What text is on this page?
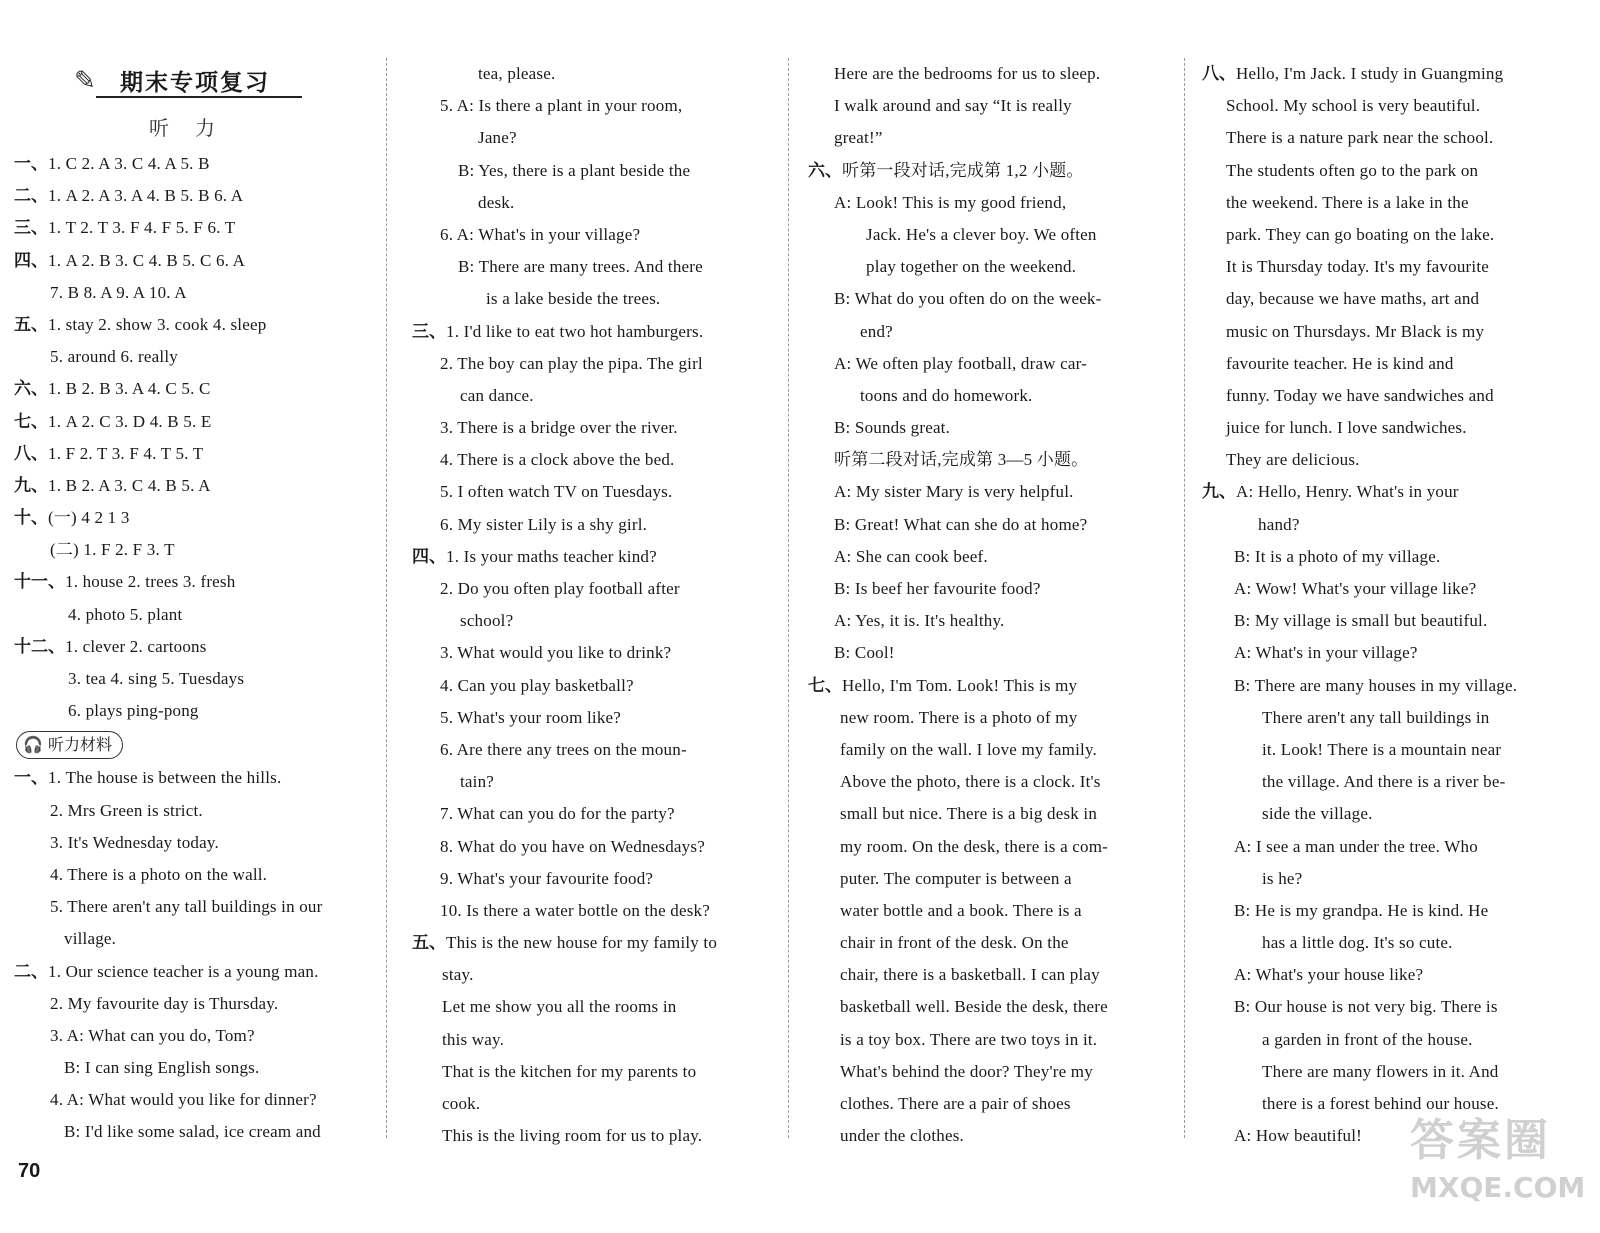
✎ 期末专项复习
听力
一、1. C 2. A 3. C 4. A 5. B
二、1. A 2. A 3. A 4. B 5. B 6. A
三、1. T 2. T 3. F 4. F 5. F 6. T
四、1. A 2. B 3. C 4. B 5. C 6. A
7. B 8. A 9. A 10. A
五、1. stay 2. show 3. cook 4. sleep
5. around 6. really
六、1. B 2. B 3. A 4. C 5. C
七、1. A 2. C 3. D 4. B 5. E
八、1. F 2. T 3. F 4. T 5. T
九、1. B 2. A 3. C 4. B 5. A
十、(一) 4 2 1 3
(二) 1. F 2. F 3. T
十一、1. house 2. trees 3. fresh
4. photo 5. plant
十二、1. clever 2. cartoons
3. tea 4. sing 5. Tuesdays
6. plays ping-pong
🎧 听力材料
一、1. The house is between the hills.
2. Mrs Green is strict.
3. It's Wednesday today.
4. There is a photo on the wall.
5. There aren't any tall buildings in our
village.
二、1. Our science teacher is a young man.
2. My favourite day is Thursday.
3. A: What can you do, Tom?
B: I can sing English songs.
4. A: What would you like for dinner?
B: I'd like some salad, ice cream and
tea, please.
5. A: Is there a plant in your room,
Jane?
B: Yes, there is a plant beside the
desk.
6. A: What's in your village?
B: There are many trees. And there
is a lake beside the trees.
三、1. I'd like to eat two hot hamburgers.
2. The boy can play the pipa. The girl
can dance.
3. There is a bridge over the river.
4. There is a clock above the bed.
5. I often watch TV on Tuesdays.
6. My sister Lily is a shy girl.
四、1. Is your maths teacher kind?
2. Do you often play football after
school?
3. What would you like to drink?
4. Can you play basketball?
5. What's your room like?
6. Are there any trees on the moun-
tain?
7. What can you do for the party?
8. What do you have on Wednesdays?
9. What's your favourite food?
10. Is there a water bottle on the desk?
五、This is the new house for my family to
stay.
Let me show you all the rooms in
this way.
That is the kitchen for my parents to
cook.
This is the living room for us to play.
Here are the bedrooms for us to sleep.
I walk around and say “It is really
great!”
六、听第一段对话,完成第 1,2 小题。
A: Look! This is my good friend,
Jack. He's a clever boy. We often
play together on the weekend.
B: What do you often do on the week-
end?
A: We often play football, draw car-
toons and do homework.
B: Sounds great.
听第二段对话,完成第 3—5 小题。
A: My sister Mary is very helpful.
B: Great! What can she do at home?
A: She can cook beef.
B: Is beef her favourite food?
A: Yes, it is. It's healthy.
B: Cool!
七、Hello, I'm Tom. Look! This is my
new room. There is a photo of my
family on the wall. I love my family.
Above the photo, there is a clock. It's
small but nice. There is a big desk in
my room. On the desk, there is a com-
puter. The computer is between a
water bottle and a book. There is a
chair in front of the desk. On the
chair, there is a basketball. I can play
basketball well. Beside the desk, there
is a toy box. There are two toys in it.
What's behind the door? They're my
clothes. There are a pair of shoes
under the clothes.
八、Hello, I'm Jack. I study in Guangming
School. My school is very beautiful.
There is a nature park near the school.
The students often go to the park on
the weekend. There is a lake in the
park. They can go boating on the lake.
It is Thursday today. It's my favourite
day, because we have maths, art and
music on Thursdays. Mr Black is my
favourite teacher. He is kind and
funny. Today we have sandwiches and
juice for lunch. I love sandwiches.
They are delicious.
九、A: Hello, Henry. What's in your
hand?
B: It is a photo of my village.
A: Wow! What's your village like?
B: My village is small but beautiful.
A: What's in your village?
B: There are many houses in my village.
There aren't any tall buildings in
it. Look! There is a mountain near
the village. And there is a river be-
side the village.
A: I see a man under the tree. Who
is he?
B: He is my grandpa. He is kind. He
has a little dog. It's so cute.
A: What's your house like?
B: Our house is not very big. There is
a garden in front of the house.
There are many flowers in it. And
there is a forest behind our house.
A: How beautiful!
70
答案圈
MXQE.COM
